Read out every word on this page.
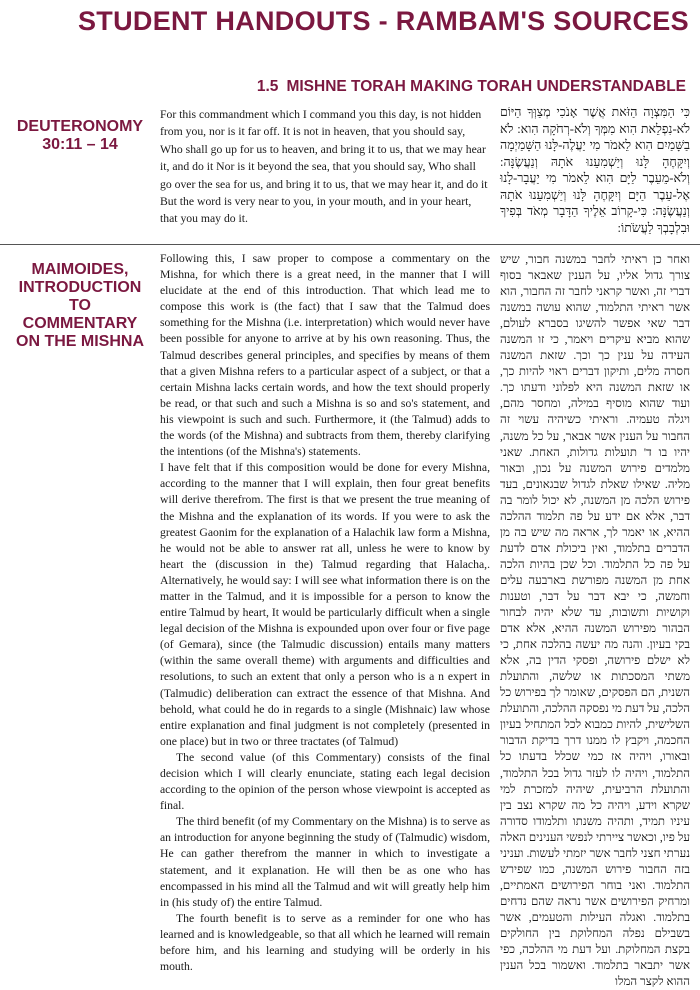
STUDENT HANDOUTS - RAMBAM'S SOURCES
1.5 MISHNE TORAH MAKING TORAH UNDERSTANDABLE
DEUTERONOMY
30:11 – 14

For this commandment which I command you this day, is not hidden from you, nor is it far off. It is not in heaven, that you should say, Who shall go up for us to heaven, and bring it to us, that we may hear it, and do it Nor is it beyond the sea, that you should say, Who shall go over the sea for us, and bring it to us, that we may hear it, and do it But the word is very near to you, in your mouth, and in your heart, that you may do it.

כִּי הַמִּצְוָה הַזֹּאת אֲשֶׁר אָנֹכִי מְצַוְּךָ הַיּוֹם לֹא-נִפְלֵאת הִוא מִמְּךָ וְלֹא-רְחֹקָה הִוא: לֹא בַשָּׁמַיִם הִוא לֵאמֹר מִי יַעֲלֶה-לָּנוּ הַשָּׁמַיְמָה וְיִקָּחֶהָ לָּנוּ וְיַשְׁמִעֵנוּ אֹתָהּ וְנַעֲשֶׂנָּה: וְלֹא-מֵעֵבֶר לַיָּם הִוא לֵאמֹר מִי יַעֲבָר-לָנוּ אֶל-עֵבֶר הַיָּם וְיִקָּחֶהָ לָּנוּ וְיַשְׁמִעֵנוּ אֹתָהּ וְנַעֲשֶׂנָּה: כִּי-קָרוֹב אֵלֶיךָ הַדָּבָר מְאֹד בְּפִיךָ וּבִלְבָבְךָ לַעֲשֹׂתוֹ:

MAIMOIDES,
INTRODUCTION
TO
COMMENTARY
ON THE MISHNA

Following this, I saw proper to compose a commentary on the Mishna, for which there is a great need, in the manner that I will elucidate at the end of this introduction. That which lead me to compose this work is (the fact) that I saw that the Talmud does something for the Mishna (i.e. interpretation) which would never have been possible for anyone to arrive at by his own reasoning. Thus, the Talmud describes general principles, and specifies by means of them that a given Mishna refers to a particular aspect of a subject, or that a certain Mishna lacks certain words, and how the text should properly be read, or that such and such a Mishna is so and so's statement, and his viewpoint is such and such. Furthermore, it (the Talmud) adds to the words (of the Mishna) and subtracts from them, thereby clarifying the intentions (of the Mishna's) statements.

I have felt that if this composition would be done for every Mishna, according to the manner that I will explain, then four great benefits will derive therefrom. The first is that we present the true meaning of the Mishna and the explanation of its words. If you were to ask the greatest Gaonim for the explanation of a Halachik law form a Mishna, he would not be able to answer rat all, unless he were to know by heart the (discussion in the) Talmud regarding that Halacha,. Alternatively, he would say: I will see what information there is on the matter in the Talmud, and it is impossible for a person to know the entire Talmud by heart, It would be particularly difficult when a single legal decision of the Mishna is expounded upon over four or five page (of Gemara), since (the Talmudic discussion) entails many matters (within the same overall theme) with arguments and difficulties and resolutions, to such an extent that only a person who is a n expert in (Talmudic) deliberation can extract the essence of that Mishna. And behold, what could he do in regards to a single (Mishnaic) law whose entire explanation and final judgment is not completely (presented in one place) but in two or three tractates (of Talmud)

The second value (of this Commentary) consists of the final decision which I will clearly enunciate, stating each legal decision according to the opinion of the person whose viewpoint is accepted as final.

The third benefit (of my Commentary on the Mishna) is to serve as an introduction for anyone beginning the study of (Talmudic) wisdom, He can gather therefrom the manner in which to investigate a statement, and it explanation. He will then be as one who has encompassed in his mind all the Talmud and wit will greatly help him in (his study of) the entire Talmud.

The fourth benefit is to serve as a reminder for one who has learned and is knowledgeable, so that all which he learned will remain before him, and his learning and studying will be orderly in his mouth.

ואחר כן ראיתי לחבר במשנה חבור, שיש צורך גדול אליו, על הענין שאבאר בסוף דברי זה, ואשר קראני לחבר זה החבור, הוא אשר ראיתי התלמוד, שהוא עושה במשנה דבר שאי אפשר להשיגו בסברא לעולם, שהוא מביא עיקרים ויאמר, כי זו המשנה העידה על ענין כך וכך. שזאת המשנה חסרה מלים, ותיקון דברים ראוי להיות כך, או שזאת המשנה היא לפלוני ודעתו כך. ועוד שהוא מוסיף במילה, ומחסר מהם, ויגלה טעמיה. וראיתי כשיהיה עשוי זה החבור על הענין אשר אבאר, על כל משנה, יהיו בו ד' תועלות גדולות, האחת. שאני מלמדים פירוש המשנה על נכון, ובאור מליה. שאילו שאלת לגדול שבגאונים, בעד פירוש הלכה מן המשנה, לא יכול לומר בה דבר, אלא אם ידע על פה תלמוד ההלכה ההיא, או יאמר לך, אראה מה שיש בה מן הדברים בתלמוד, ואין ביכולת אדם לדעת על פה כל התלמוד. וכל שכן בהיות הלכה אחת מן המשנה מפורשת בארבעה עלים וחמשה, כי יבא דבר על דבר, וטענות וקושיות ותשובות, עד שלא יהיה לבחור הבהור מפירוש המשנה ההיא, אלא אדם בקי בעיון. והנה מה יעשה בהלכה אחת, כי לא ישלם פירושה, ופסקי הדין בה, אלא משתי המסכתות או שלשה, והתועלת השנית, הם הפסקים, שאומר לך בפירוש כל הלכה, על דעת מי נפסקה ההלכה, והתועלת השלישית, להיות כמבוא לכל המתחיל בעיון החכמה, ויקבץ לו ממנו דרך בדיקת הדבור ובאורו, ויהיה אז כמי שכלל בדעתו כל התלמוד, ויהיה לו לעזר גדול בכל התלמוד, והתועלת הרביעית, שיהיה למזכרת למי שקרא וידע, ויהיה כל מה שקרא נצב בין עיניו תמיד, ותהיה משנתו ותלמודו סדורה על פיו, וכאשר ציירתי לנפשי הענינים האלה נערתי חצני לחבר אשר יזמתי לעשות. ועניני בזה החבור פירוש המשנה, כמו שפירש התלמוד. ואני בוחר הפירושים האמתיים, ומרחיק הפירושים אשר נראה שהם נדחים בתלמוד. ואגלה העילות והטעמים, אשר בשבילם נפלה המחלוקת בין החולקים בקצת המחלוקת. ועל דעת מי ההלכה, כפי אשר יתבאר בתלמוד. ואשמור בכל הענין ההוא לקצר המלו
